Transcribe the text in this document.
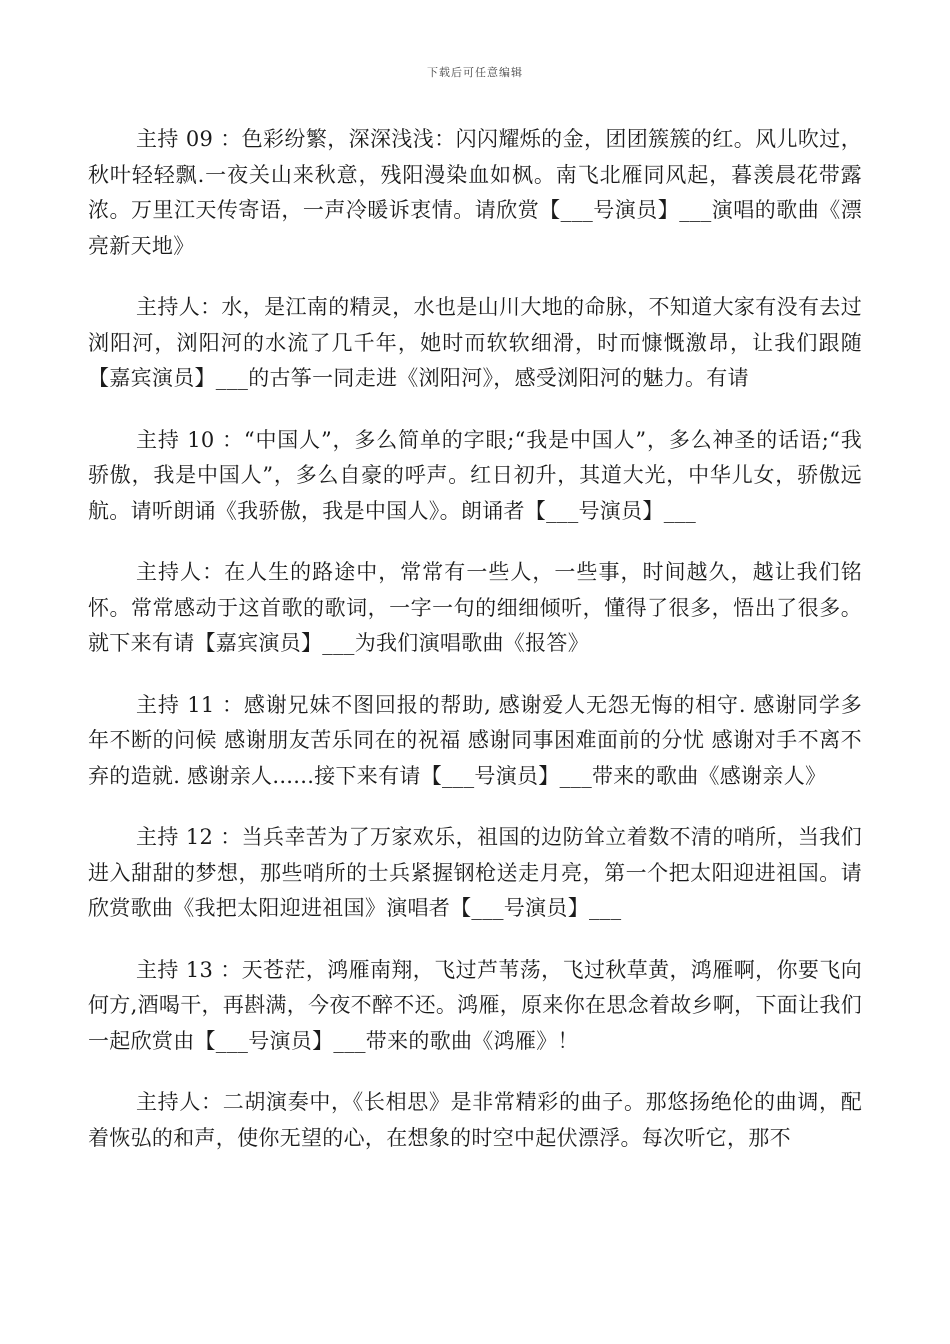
下载后可任意编辑

主持 09 ：色彩纷繁，深深浅浅：闪闪耀烁的金，团团簇簇的红。风儿吹过，秋叶轻轻飘.一夜关山来秋意，残阳漫染血如枫。南飞北雁同风起，暮羡晨花带露浓。万里江天传寄语，一声冷暖诉衷情。请欣赏【___号演员】___演唱的歌曲《漂亮新天地》

主持人：水，是江南的精灵，水也是山川大地的命脉，不知道大家有没有去过浏阳河，浏阳河的水流了几千年，她时而软软细滑，时而慷慨激昂，让我们跟随【嘉宾演员】___的古筝一同走进《浏阳河》，感受浏阳河的魅力。有请

主持 10 ：“中国人”，多么简单的字眼;“我是中国人”，多么神圣的话语;“我骄傲，我是中国人”，多么自豪的呼声。红日初升，其道大光，中华儿女，骄傲远航。请听朗诵《我骄傲，我是中国人》。朗诵者【___号演员】___

主持人：在人生的路途中，常常有一些人，一些事，时间越久，越让我们铭怀。常常感动于这首歌的歌词，一字一句的细细倾听，懂得了很多，悟出了很多。就下来有请【嘉宾演员】___为我们演唱歌曲《报答》

主持 11 ：感谢兄妹不图回报的帮助, 感谢爱人无怨无悔的相守. 感谢同学多年不断的问候 感谢朋友苦乐同在的祝福 感谢同事困难面前的分忧 感谢对手不离不弃的造就. 感谢亲人......接下来有请【___号演员】___带来的歌曲《感谢亲人》

主持 12 ：当兵幸苦为了万家欢乐，祖国的边防耸立着数不清的哨所，当我们进入甜甜的梦想，那些哨所的士兵紧握钢枪送走月亮，第一个把太阳迎进祖国。请欣赏歌曲《我把太阳迎进祖国》演唱者【___号演员】___

主持 13 ：天苍茫，鸿雁南翔，飞过芦苇荡，飞过秋草黄，鸿雁啊，你要飞向何方,酒喝干，再斟满，今夜不醉不还。鸿雁，原来你在思念着故乡啊，下面让我们一起欣赏由【___号演员】___带来的歌曲《鸿雁》！

主持人：二胡演奏中，《长相思》是非常精彩的曲子。那悠扬绝伦的曲调，配着恢弘的和声，使你无望的心，在想象的时空中起伏漂浮。每次听它，那不
